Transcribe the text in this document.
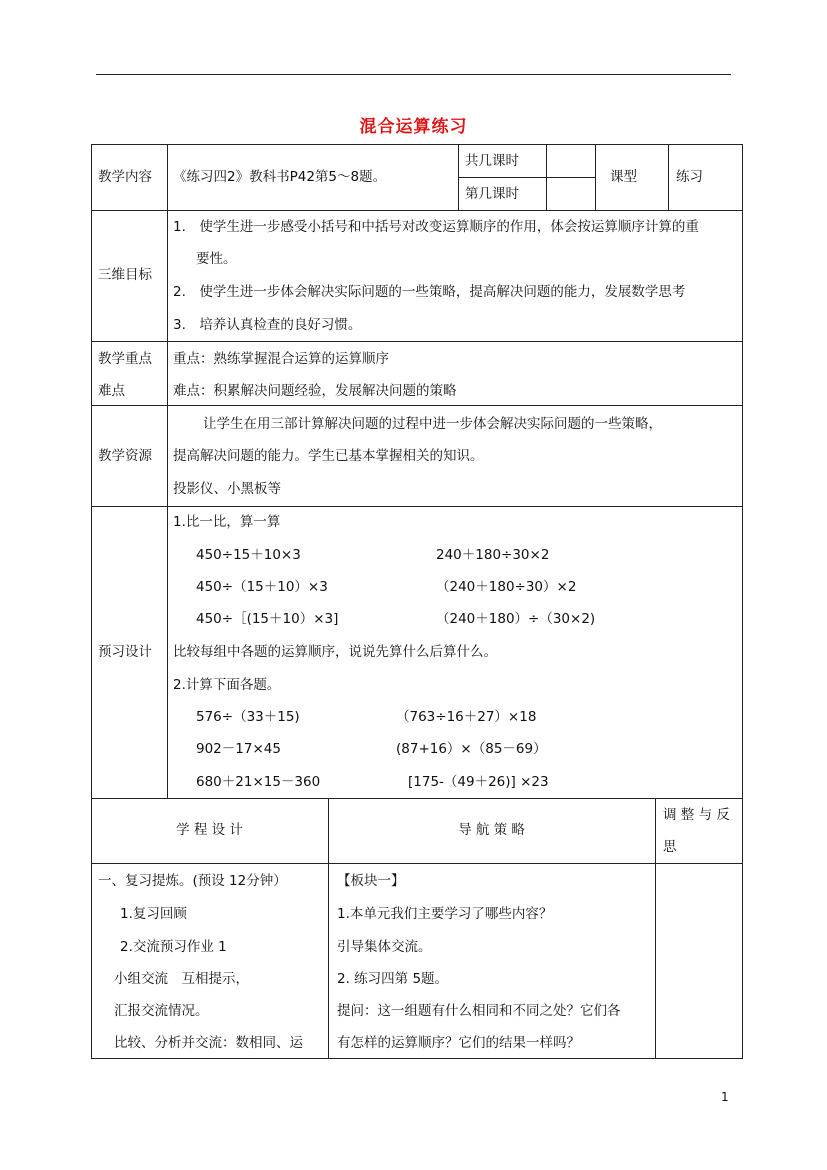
混合运算练习
教学内容 《练习四2》教科书P42第5～8题。
共几课时
第几课时
课型	练习
三维目标
1.　使学生进一步感受小括号和中括号对改变运算顺序的作用，体会按运算顺序计算的重
要性。
2.　使学生进一步体会解决实际问题的一些策略，提高解决问题的能力，发展数学思考
3.　培养认真检查的良好习惯。
教学重点
难点
重点：熟练掌握混合运算的运算顺序
难点：积累解决问题经验，发展解决问题的策略
教学资源
让学生在用三部计算解决问题的过程中进一步体会解决实际问题的一些策略，
提高解决问题的能力。学生已基本掌握相关的知识。
投影仪、小黑板等
预习设计
1.比一比，算一算
450÷15＋10×3
450÷（15＋10）×3
450÷［(15＋10）×3]
240＋180÷30×2
（240＋180÷30）×2
（240＋180）÷（30×2)
比较每组中各题的运算顺序，说说先算什么后算什么。
2.计算下面各题。
576÷（33＋15)
902－17×45
680＋21×15－360
（763÷16＋27）×18
(87+16）×（85－69）
[175-（49＋26)] ×23
学 程 设 计	导 航 策 略
调 整 与 反
思
一、复习提炼。(预设 12分钟）
1.复习回顾
2.交流预习作业 1
小组交流　互相提示，
汇报交流情况。
比较、分析并交流：数相同、运
【板块一】
1.本单元我们主要学习了哪些内容？
引导集体交流。
2. 练习四第 5题。
提问：这一组题有什么相同和不同之处？它们各
有怎样的运算顺序？它们的结果一样吗？
1
